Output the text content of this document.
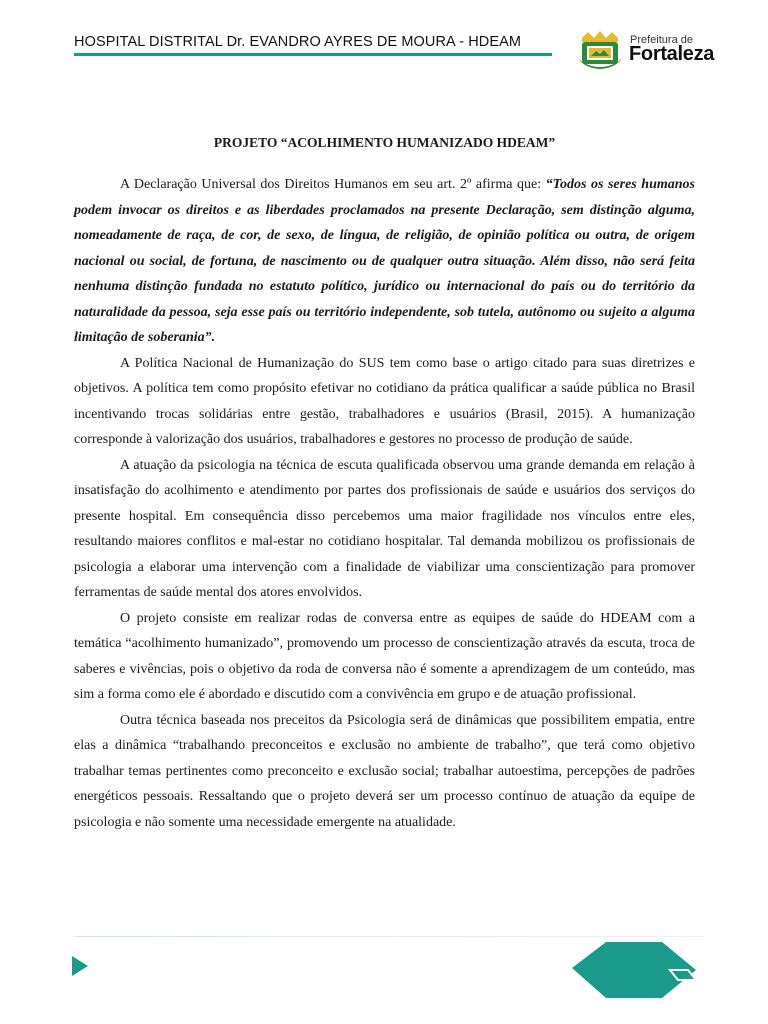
HOSPITAL DISTRITAL Dr. EVANDRO AYRES DE MOURA - HDEAM	Prefeitura de
Fortaleza
PROJETO “ACOLHIMENTO HUMANIZADO HDEAM”

A Declaração Universal dos Direitos Humanos em seu art. 2º afirma que: “Todos os seres humanos podem invocar os direitos e as liberdades proclamados na presente Declaração, sem distinção alguma, nomeadamente de raça, de cor, de sexo, de língua, de religião, de opinião política ou outra, de origem nacional ou social, de fortuna, de nascimento ou de qualquer outra situação. Além disso, não será feita nenhuma distinção fundada no estatuto político, jurídico ou internacional do país ou do território da naturalidade da pessoa, seja esse país ou território independente, sob tutela, autônomo ou sujeito a alguma limitação de soberania”.

A Política Nacional de Humanização do SUS tem como base o artigo citado para suas diretrizes e objetivos. A política tem como propósito efetivar no cotidiano da prática qualificar a saúde pública no Brasil incentivando trocas solidárias entre gestão, trabalhadores e usuários (Brasil, 2015). A humanização corresponde à valorização dos usuários, trabalhadores e gestores no processo de produção de saúde.

A atuação da psicologia na técnica de escuta qualificada observou uma grande demanda em relação à insatisfação do acolhimento e atendimento por partes dos profissionais de saúde e usuários dos serviços do presente hospital. Em consequência disso percebemos uma maior fragilidade nos vínculos entre eles, resultando maiores conflitos e mal-estar no cotidiano hospitalar. Tal demanda mobilizou os profissionais de psicologia a elaborar uma intervenção com a finalidade de viabilizar uma conscientização para promover ferramentas de saúde mental dos atores envolvidos.

O projeto consiste em realizar rodas de conversa entre as equipes de saúde do HDEAM com a temática “acolhimento humanizado”, promovendo um processo de conscientização através da escuta, troca de saberes e vivências, pois o objetivo da roda de conversa não é somente a aprendizagem de um conteúdo, mas sim a forma como ele é abordado e discutido com a convivência em grupo e de atuação profissional.

Outra técnica baseada nos preceitos da Psicologia será de dinâmicas que possibilitem empatia, entre elas a dinâmica “trabalhando preconceitos e exclusão no ambiente de trabalho”, que terá como objetivo trabalhar temas pertinentes como preconceito e exclusão social; trabalhar autoestima, percepções de padrões energéticos pessoais. Ressaltando que o projeto deverá ser um processo contínuo de atuação da equipe de psicologia e não somente uma necessidade emergente na atualidade.
